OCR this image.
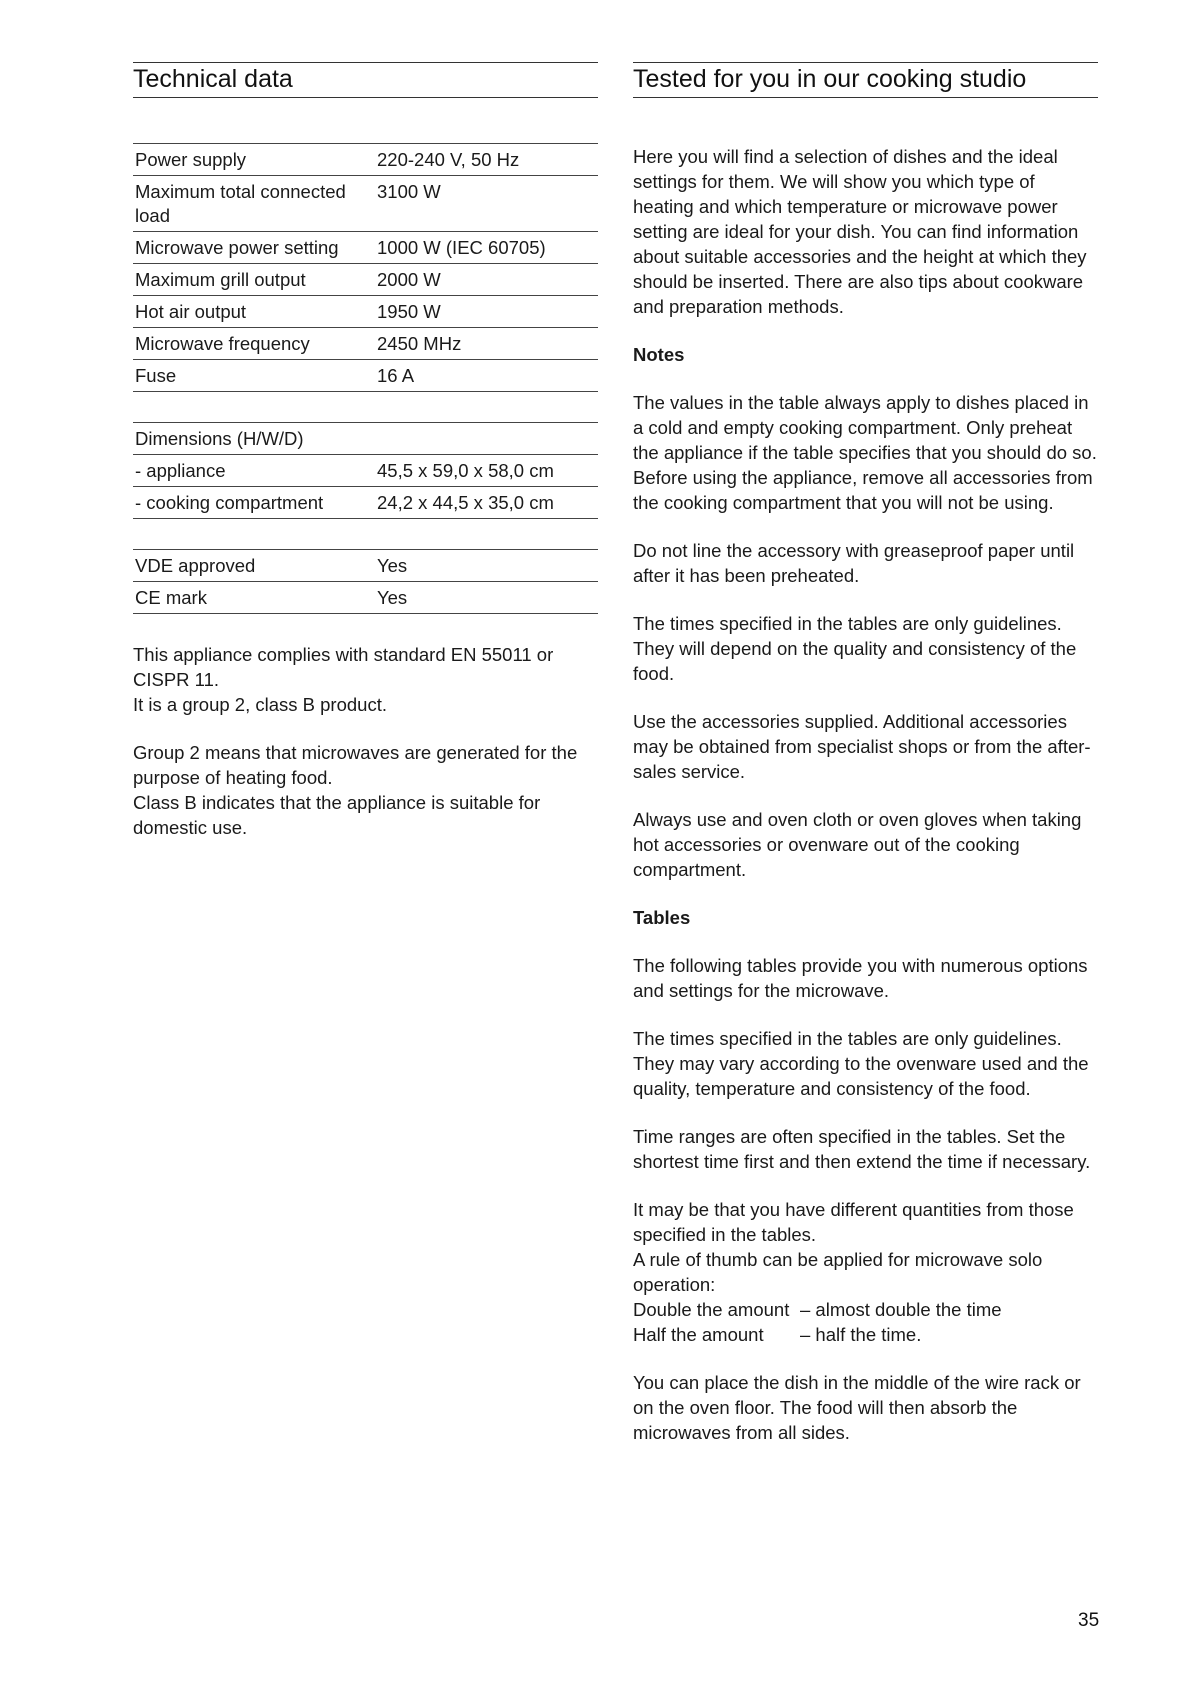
Technical data
Power supply	220-240 V, 50 Hz
Maximum total connected load	3100 W
Microwave power setting	1000 W (IEC 60705)
Maximum grill output	2000 W
Hot air output	1950 W
Microwave frequency	2450 MHz
Fuse	16 A
Dimensions (H/W/D)	
- appliance	45,5 x 59,0 x 58,0 cm
- cooking compartment	24,2 x 44,5 x 35,0 cm
VDE approved	Yes
CE mark	Yes
This appliance complies with standard EN 55011 or CISPR 11.
It is a group 2, class B product.
Group 2 means that microwaves are generated for the purpose of heating food.
Class B indicates that the appliance is suitable for domestic use.
Tested for you in our cooking studio

Here you will find a selection of dishes and the ideal settings for them. We will show you which type of heating and which temperature or microwave power setting are ideal for your dish. You can find information about suitable accessories and the height at which they should be inserted. There are also tips about cookware and preparation methods.

Notes

The values in the table always apply to dishes placed in a cold and empty cooking compartment. Only preheat the appliance if the table specifies that you should do so. Before using the appliance, remove all accessories from the cooking compartment that you will not be using.

Do not line the accessory with greaseproof paper until after it has been preheated.

The times specified in the tables are only guidelines. They will depend on the quality and consistency of the food.

Use the accessories supplied. Additional accessories may be obtained from specialist shops or from the after-sales service.

Always use and oven cloth or oven gloves when taking hot accessories or ovenware out of the cooking compartment.

Tables

The following tables provide you with numerous options and settings for the microwave.

The times specified in the tables are only guidelines. They may vary according to the ovenware used and the quality, temperature and consistency of the food.

Time ranges are often specified in the tables. Set the shortest time first and then extend the time if necessary.

It may be that you have different quantities from those specified in the tables.
A rule of thumb can be applied for microwave solo operation:
Double the amount – almost double the time
Half the amount	– half the time.

You can place the dish in the middle of the wire rack or on the oven floor. The food will then absorb the microwaves from all sides.

35
